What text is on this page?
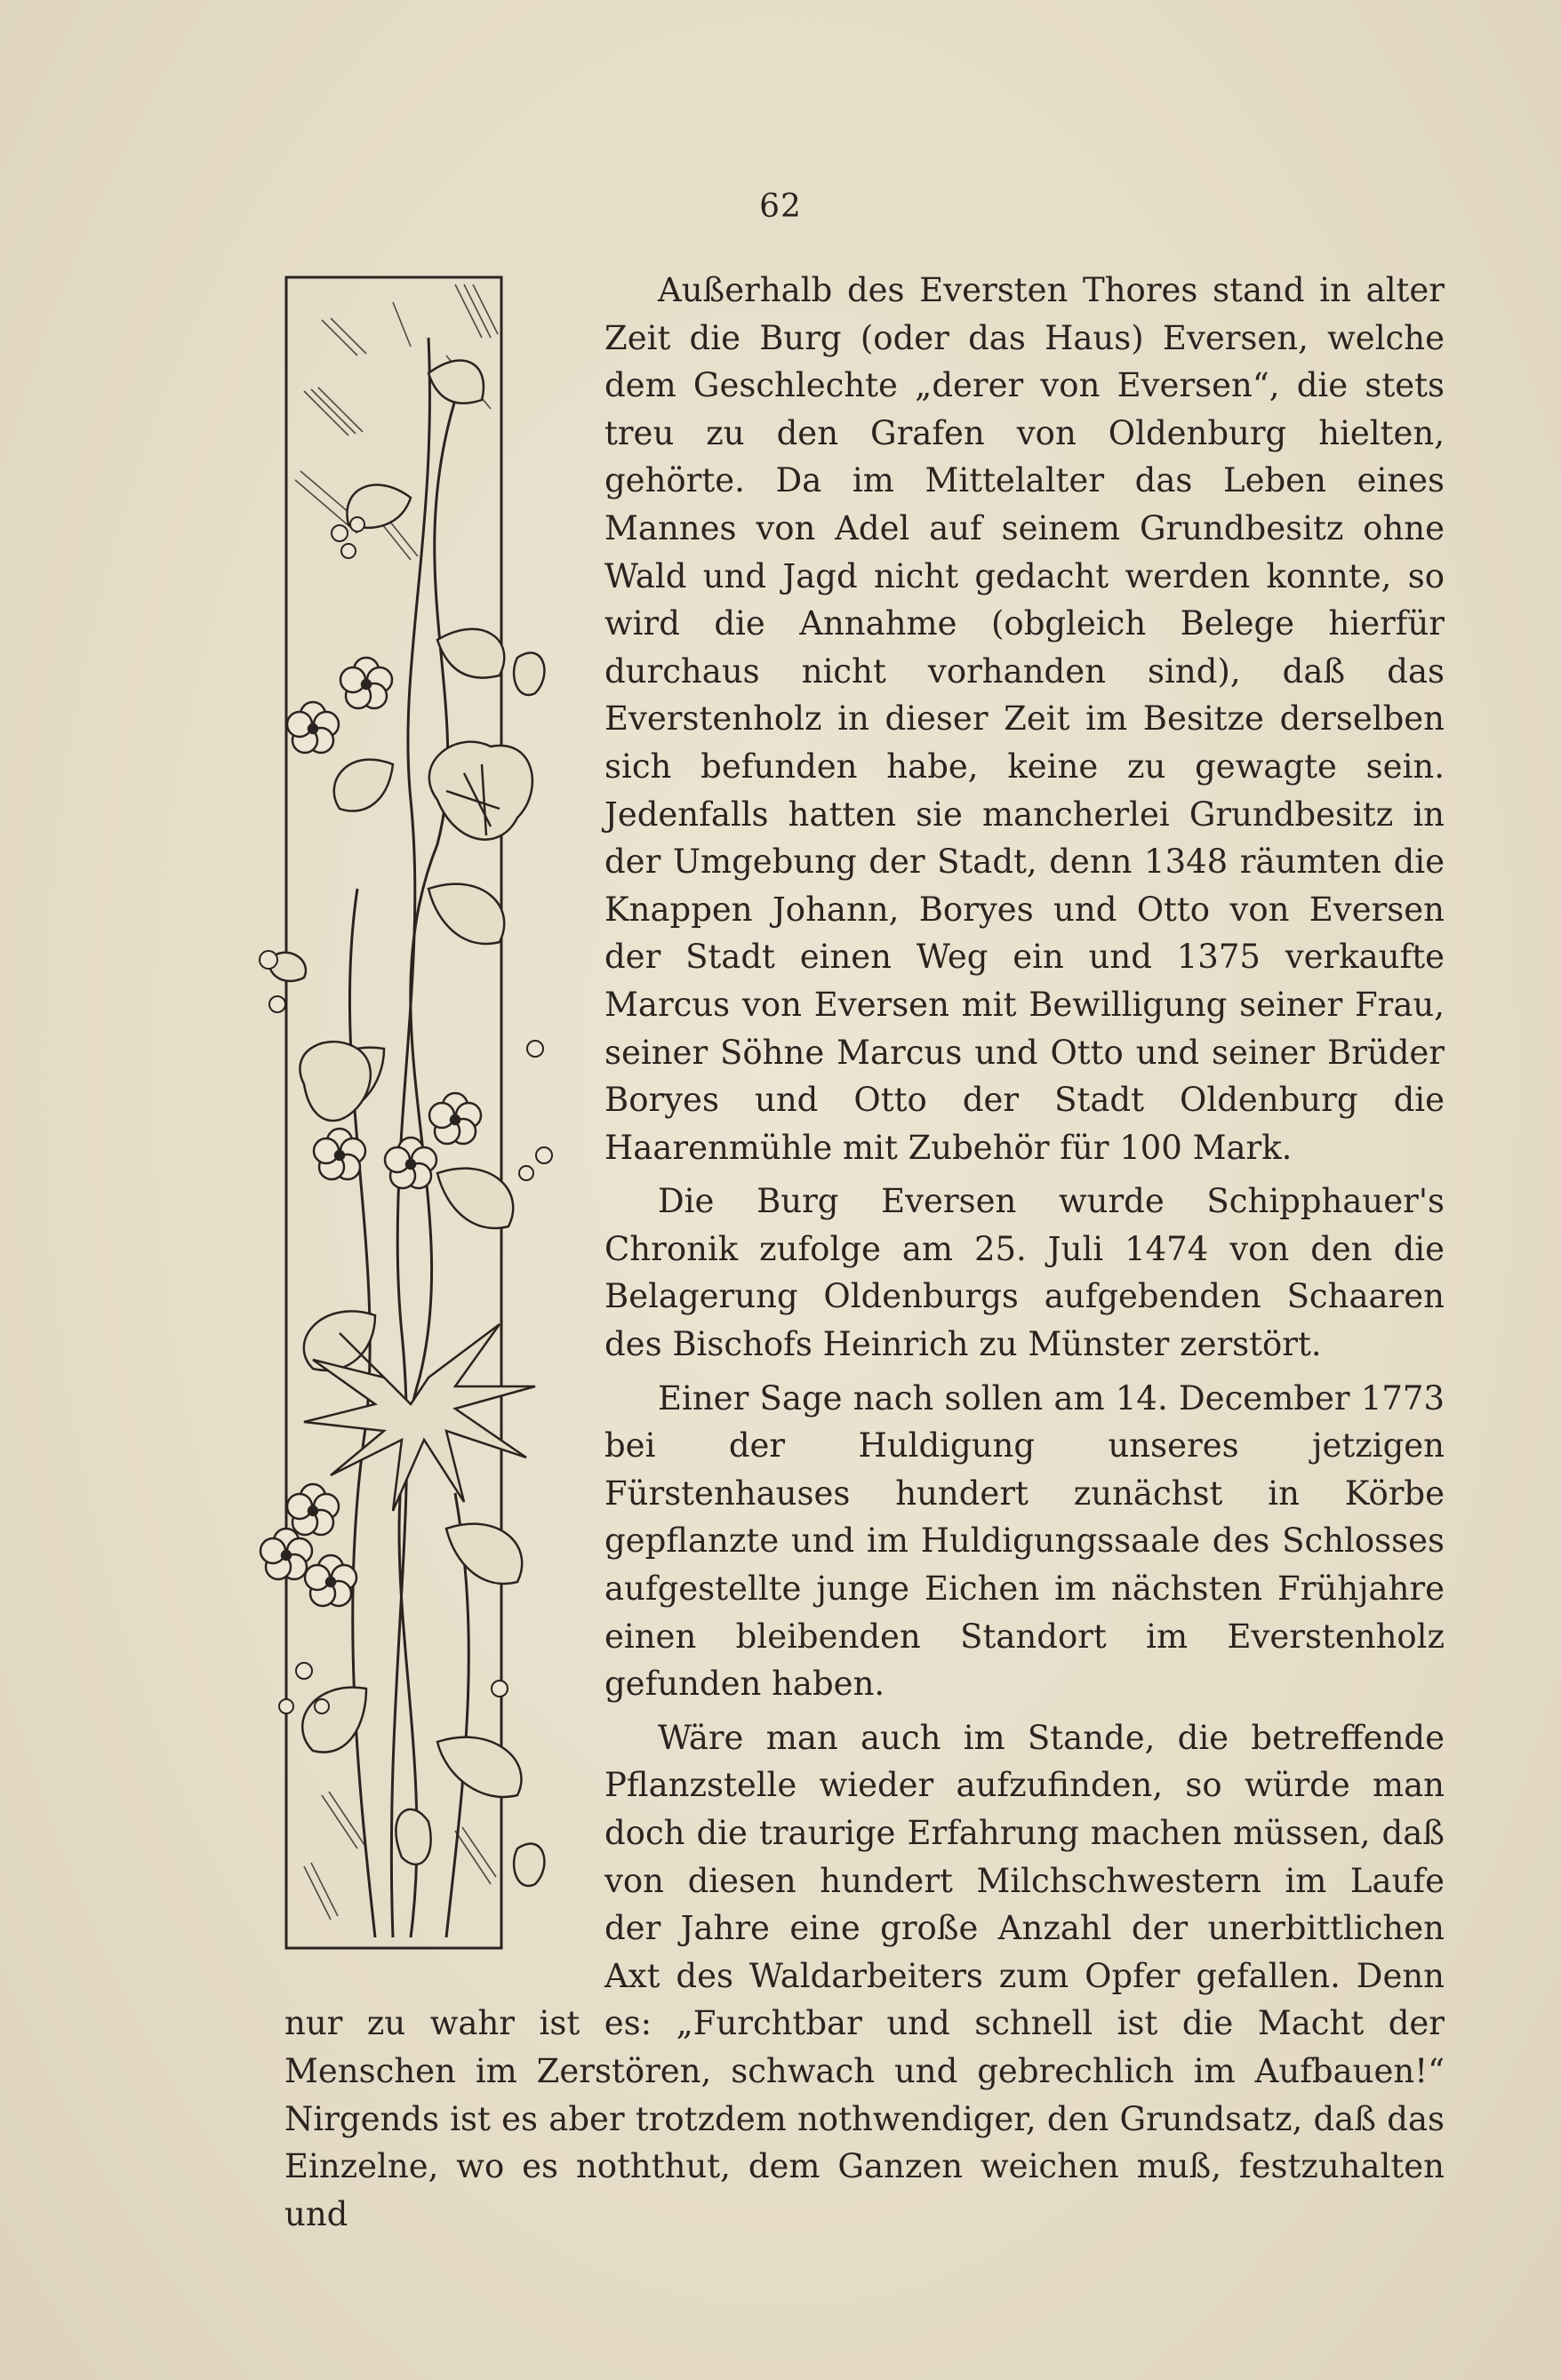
62

Außerhalb des Eversten Thores stand in alter Zeit die Burg (oder das Haus) Eversen, welche dem Geschlechte „derer von Eversen“, die stets treu zu den Grafen von Oldenburg hielten, gehörte. Da im Mittelalter das Leben eines Mannes von Adel auf seinem Grundbesitz ohne Wald und Jagd nicht gedacht werden konnte, so wird die Annahme (obgleich Belege hierfür durchaus nicht vorhanden sind), daß das Everstenholz in dieser Zeit im Besitze derselben sich befunden habe, keine zu gewagte sein. Jedenfalls hatten sie mancherlei Grundbesitz in der Umgebung der Stadt, denn 1348 räumten die Knappen Johann, Boryes und Otto von Eversen der Stadt einen Weg ein und 1375 verkaufte Marcus von Eversen mit Bewilligung seiner Frau, seiner Söhne Marcus und Otto und seiner Brüder Boryes und Otto der Stadt Oldenburg die Haarenmühle mit Zubehör für 100 Mark.

Die Burg Eversen wurde Schipphauer's Chronik zufolge am 25. Juli 1474 von den die Belagerung Oldenburgs aufgebenden Schaaren des Bischofs Heinrich zu Münster zerstört.

Einer Sage nach sollen am 14. December 1773 bei der Huldigung unseres jetzigen Fürstenhauses hundert zunächst in Körbe gepflanzte und im Huldigungssaale des Schlosses aufgestellte junge Eichen im nächsten Frühjahre einen bleibenden Standort im Everstenholz gefunden haben.

Wäre man auch im Stande, die betreffende Pflanzstelle wieder aufzufinden, so würde man doch die traurige Erfahrung machen müssen, daß von diesen hundert Milchschwestern im Laufe der Jahre eine große Anzahl der unerbittlichen Axt des Waldarbeiters zum Opfer gefallen. Denn nur zu wahr ist es: „Furchtbar und schnell ist die Macht der Menschen im Zerstören, schwach und gebrechlich im Aufbauen!“ Nirgends ist es aber trotzdem nothwendiger, den Grundsatz, daß das Einzelne, wo es noththut, dem Ganzen weichen muß, festzuhalten und
